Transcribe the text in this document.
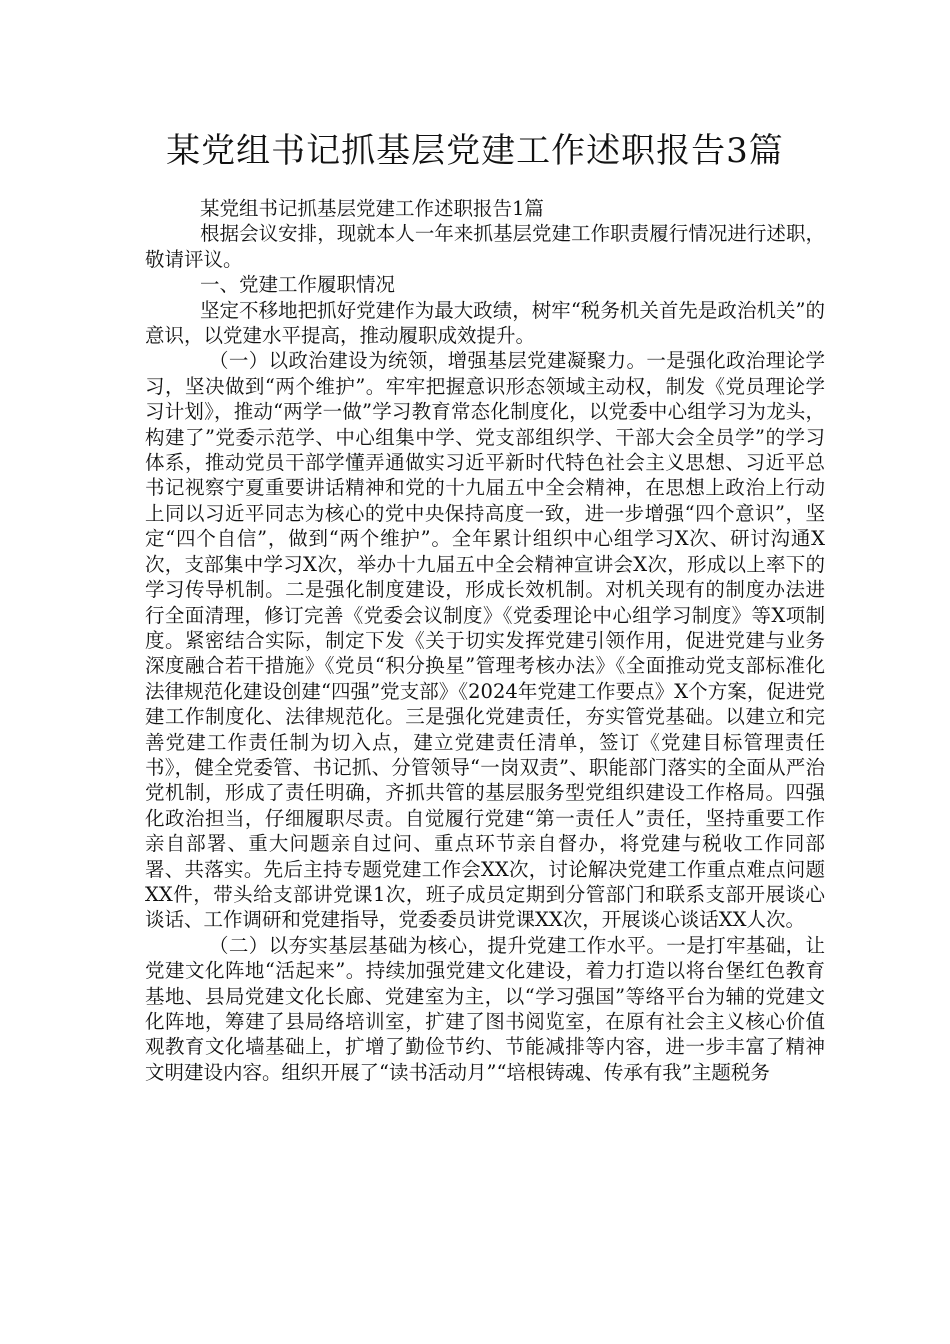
某党组书记抓基层党建工作述职报告3篇

某党组书记抓基层党建工作述职报告1篇

根据会议安排，现就本人一年来抓基层党建工作职责履行情况进行述职，敬请评议。

一、党建工作履职情况

坚定不移地把抓好党建作为最大政绩，树牢“税务机关首先是政治机关”的意识，以党建水平提高，推动履职成效提升。

（一）以政治建设为统领，增强基层党建凝聚力。一是强化政治理论学习，坚决做到“两个维护”。牢牢把握意识形态领域主动权，制发《党员理论学习计划》，推动“两学一做”学习教育常态化制度化，以党委中心组学习为龙头，构建了”党委示范学、中心组集中学、党支部组织学、干部大会全员学”的学习体系，推动党员干部学懂弄通做实习近平新时代特色社会主义思想、习近平总书记视察宁夏重要讲话精神和党的十九届五中全会精神，在思想上政治上行动上同以习近平同志为核心的党中央保持高度一致，进一步增强“四个意识”，坚定“四个自信”，做到“两个维护”。全年累计组织中心组学习X次、研讨沟通X次，支部集中学习X次，举办十九届五中全会精神宣讲会X次，形成以上率下的学习传导机制。二是强化制度建设，形成长效机制。对机关现有的制度办法进行全面清理，修订完善《党委会议制度》《党委理论中心组学习制度》等X项制度。紧密结合实际，制定下发《关于切实发挥党建引领作用，促进党建与业务深度融合若干措施》《党员“积分换星”管理考核办法》《全面推动党支部标准化法律规范化建设创建“四强”党支部》《2024年党建工作要点》X个方案，促进党建工作制度化、法律规范化。三是强化党建责任，夯实管党基础。以建立和完善党建工作责任制为切入点，建立党建责任清单，签订《党建目标管理责任书》，健全党委管、书记抓、分管领导“一岗双责”、职能部门落实的全面从严治党机制，形成了责任明确，齐抓共管的基层服务型党组织建设工作格局。四强化政治担当，仔细履职尽责。自觉履行党建“第一责任人”责任，坚持重要工作亲自部署、重大问题亲自过问、重点环节亲自督办，将党建与税收工作同部署、共落实。先后主持专题党建工作会XX次，讨论解决党建工作重点难点问题XX件，带头给支部讲党课1次，班子成员定期到分管部门和联系支部开展谈心谈话、工作调研和党建指导，党委委员讲党课XX次，开展谈心谈话XX人次。

（二）以夯实基层基础为核心，提升党建工作水平。一是打牢基础，让党建文化阵地“活起来”。持续加强党建文化建设，着力打造以将台堡红色教育基地、县局党建文化长廊、党建室为主，以“学习强国”等络平台为辅的党建文化阵地，筹建了县局络培训室，扩建了图书阅览室，在原有社会主义核心价值观教育文化墙基础上，扩增了勤俭节约、节能减排等内容，进一步丰富了精神文明建设内容。组织开展了“读书活动月”“培根铸魂、传承有我”主题税务
